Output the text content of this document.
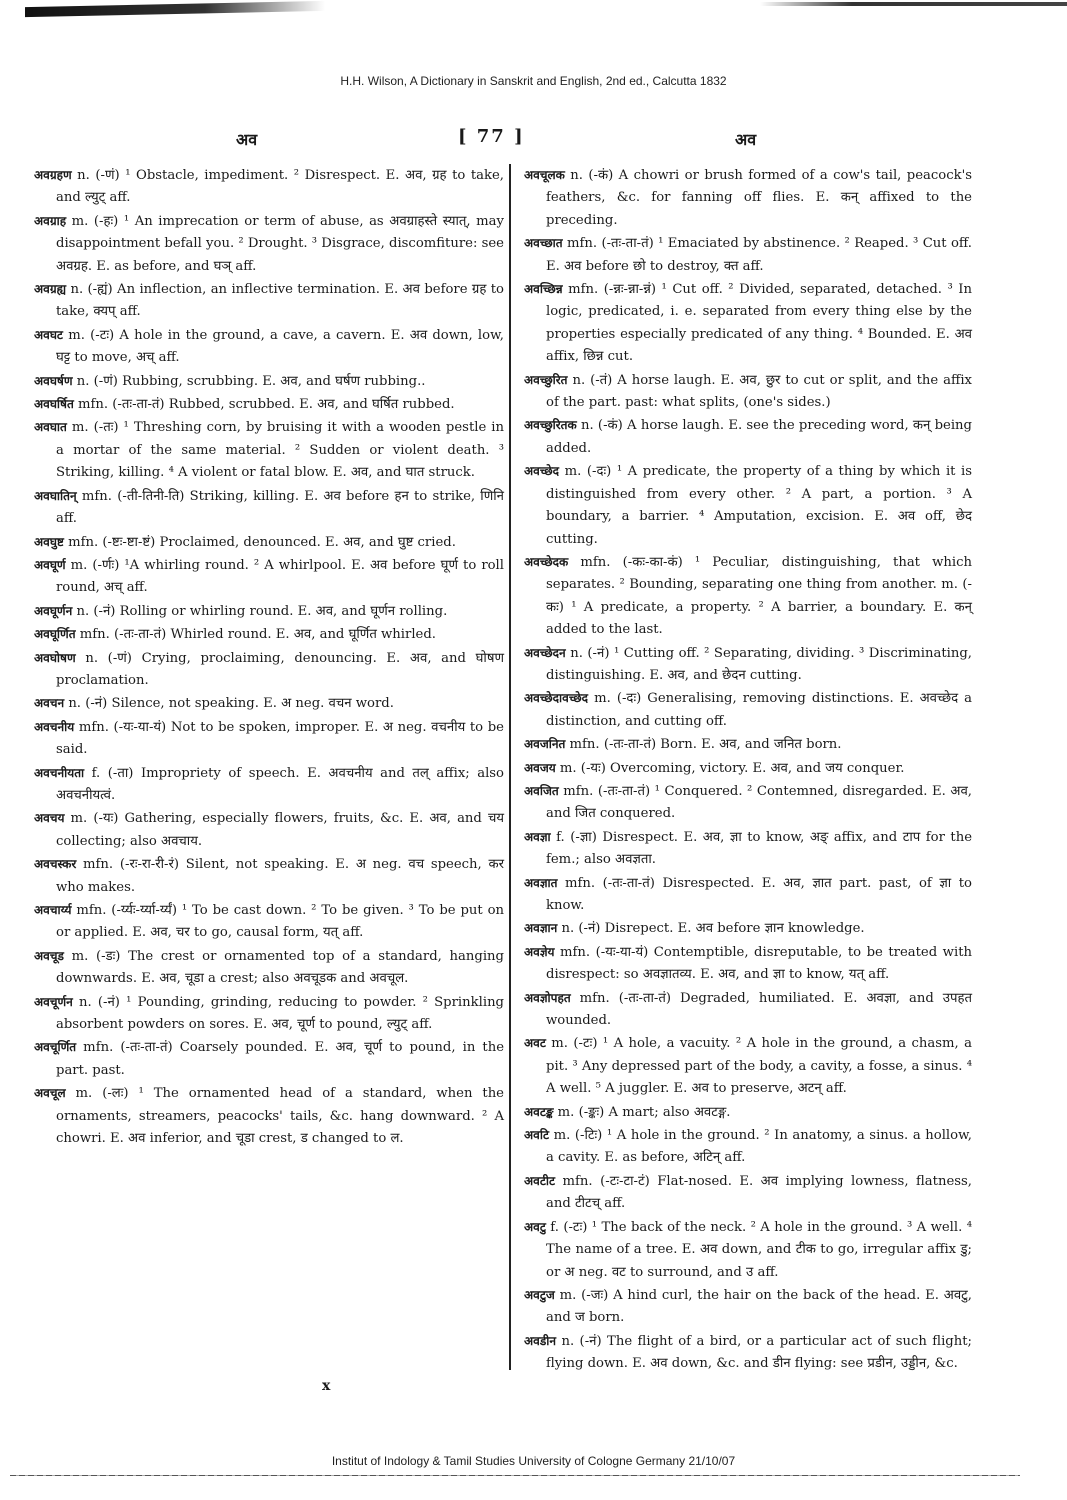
H.H. Wilson, A Dictionary in Sanskrit and English, 2nd ed., Calcutta 1832
अव	[ 77 ]	अव

अवग्रहण n. (-णं) ¹ Obstacle, impediment. ² Disrespect. E. अव, ग्रह to take, and ल्युट् aff.

अवग्राह m. (-हः) ¹ An imprecation or term of abuse, as अवग्राहस्ते स्यात्, may disappointment befall you. ² Drought. ³ Disgrace, discomfiture: see अवग्रह. E. as before, and घञ् aff.

अवग्रह्य n. (-ह्यं) An inflection, an inflective termination. E. अव before ग्रह to take, क्यप् aff.

अवघट m. (-टः) A hole in the ground, a cave, a cavern. E. अव down, low, घट्ट to move, अच् aff.

अवघर्षण n. (-णं) Rubbing, scrubbing. E. अव, and घर्षण rubbing..

अवघर्षित mfn. (-तः-ता-तं) Rubbed, scrubbed. E. अव, and घर्षित rubbed.

अवघात m. (-तः) ¹ Threshing corn, by bruising it with a wooden pestle in a mortar of the same material. ² Sudden or violent death. ³ Striking, killing. ⁴ A violent or fatal blow. E. अव, and घात struck.

अवघातिन् mfn. (-ती-तिनी-ति) Striking, killing. E. अव before हन to strike, णिनि aff.

अवघुष्ट mfn. (-ष्टः-ष्टा-ष्टं) Proclaimed, denounced. E. अव, and घुष्ट cried.

अवघूर्ण m. (-र्णः) ¹A whirling round. ² A whirlpool. E. अव before घूर्ण to roll round, अच् aff.

अवघूर्णन n. (-नं) Rolling or whirling round. E. अव, and घूर्णन rolling.

अवघूर्णित mfn. (-तः-ता-तं) Whirled round. E. अव, and घूर्णित whirled.

अवघोषण n. (-णं) Crying, proclaiming, denouncing. E. अव, and घोषण proclamation.

अवचन n. (-नं) Silence, not speaking. E. अ neg. वचन word.

अवचनीय mfn. (-यः-या-यं) Not to be spoken, improper. E. अ neg. वचनीय to be said.

अवचनीयता f. (-ता) Impropriety of speech. E. अवचनीय and तल् affix; also अवचनीयत्वं.

अवचय m. (-यः) Gathering, especially flowers, fruits, &c. E. अव, and चय collecting; also अवचाय.

अवचस्कर mfn. (-रः-रा-री-रं) Silent, not speaking. E. अ neg. वच speech, कर who makes.

अवचार्य्य mfn. (-र्य्यः-र्य्या-र्य्यं) ¹ To be cast down. ² To be given. ³ To be put on or applied. E. अव, चर to go, causal form, यत् aff.

अवचूड m. (-डः) The crest or ornamented top of a standard, hanging downwards. E. अव, चूडा a crest; also अवचूडक and अवचूल.

अवचूर्णन n. (-नं) ¹ Pounding, grinding, reducing to powder. ² Sprinkling absorbent powders on sores. E. अव, चूर्ण to pound, ल्युट् aff.

अवचूर्णित mfn. (-तः-ता-तं) Coarsely pounded. E. अव, चूर्ण to pound, in the part. past.

अवचूल m. (-लः) ¹ The ornamented head of a standard, when the ornaments, streamers, peacocks' tails, &c. hang downward. ² A chowri. E. अव inferior, and चूडा crest, ड changed to ल.

अवचूलक n. (-कं) A chowri or brush formed of a cow's tail, peacock's feathers, &c. for fanning off flies. E. कन् affixed to the preceding.

अवच्छात mfn. (-तः-ता-तं) ¹ Emaciated by abstinence. ² Reaped. ³ Cut off. E. अव before छो to destroy, क्त aff.

अवच्छिन्न mfn. (-न्नः-न्ना-न्नं) ¹ Cut off. ² Divided, separated, detached. ³ In logic, predicated, i. e. separated from every thing else by the properties especially predicated of any thing. ⁴ Bounded. E. अव affix, छिन्न cut.

अवच्छुरित n. (-तं) A horse laugh. E. अव, छुर to cut or split, and the affix of the part. past: what splits, (one's sides.)

अवच्छुरितक n. (-कं) A horse laugh. E. see the preceding word, कन् being added.

अवच्छेद m. (-दः) ¹ A predicate, the property of a thing by which it is distinguished from every other. ² A part, a portion. ³ A boundary, a barrier. ⁴ Amputation, excision. E. अव off, छेद cutting.

अवच्छेदक mfn. (-कः-का-कं) ¹ Peculiar, distinguishing, that which separates. ² Bounding, separating one thing from another. m. (-कः) ¹ A predicate, a property. ² A barrier, a boundary. E. कन् added to the last.

अवच्छेदन n. (-नं) ¹ Cutting off. ² Separating, dividing. ³ Discriminating, distinguishing. E. अव, and छेदन cutting.

अवच्छेदावच्छेद m. (-दः) Generalising, removing distinctions. E. अवच्छेद a distinction, and cutting off.

अवजनित mfn. (-तः-ता-तं) Born. E. अव, and जनित born.

अवजय m. (-यः) Overcoming, victory. E. अव, and जय conquer.

अवजित mfn. (-तः-ता-तं) ¹ Conquered. ² Contemned, disregarded. E. अव, and जित conquered.

अवज्ञा f. (-ज्ञा) Disrespect. E. अव, ज्ञा to know, अङ् affix, and टाप for the fem.; also अवज्ञता.

अवज्ञात mfn. (-तः-ता-तं) Disrespected. E. अव, ज्ञात part. past, of ज्ञा to know.

अवज्ञान n. (-नं) Disrepect. E. अव before ज्ञान knowledge.

अवज्ञेय mfn. (-यः-या-यं) Contemptible, disreputable, to be treated with disrespect: so अवज्ञातव्य. E. अव, and ज्ञा to know, यत् aff.

अवज्ञोपहत mfn. (-तः-ता-तं) Degraded, humiliated. E. अवज्ञा, and उपहत wounded.

अवट m. (-टः) ¹ A hole, a vacuity. ² A hole in the ground, a chasm, a pit. ³ Any depressed part of the body, a cavity, a fosse, a sinus. ⁴ A well. ⁵ A juggler. E. अव to preserve, अटन् aff.

अवटङ्क m. (-ङ्कः) A mart; also अवटङ्ग.

अवटि m. (-टिः) ¹ A hole in the ground. ² In anatomy, a sinus. a hollow, a cavity. E. as before, अटिन् aff.

अवटीट mfn. (-टः-टा-टं) Flat-nosed. E. अव implying lowness, flatness, and टीटच् aff.

अवटु f. (-टः) ¹ The back of the neck. ² A hole in the ground. ³ A well. ⁴ The name of a tree. E. अव down, and टीक to go, irregular affix डु; or अ neg. वट to surround, and उ aff.

अवटुज m. (-जः) A hind curl, the hair on the back of the head. E. अवटु, and ज born.

अवडीन n. (-नं) The flight of a bird, or a particular act of such flight; flying down. E. अव down, &c. and डीन flying: see प्रडीन, उड्डीन, &c.

x
Institut of Indology & Tamil Studies University of Cologne Germany 21/10/07
